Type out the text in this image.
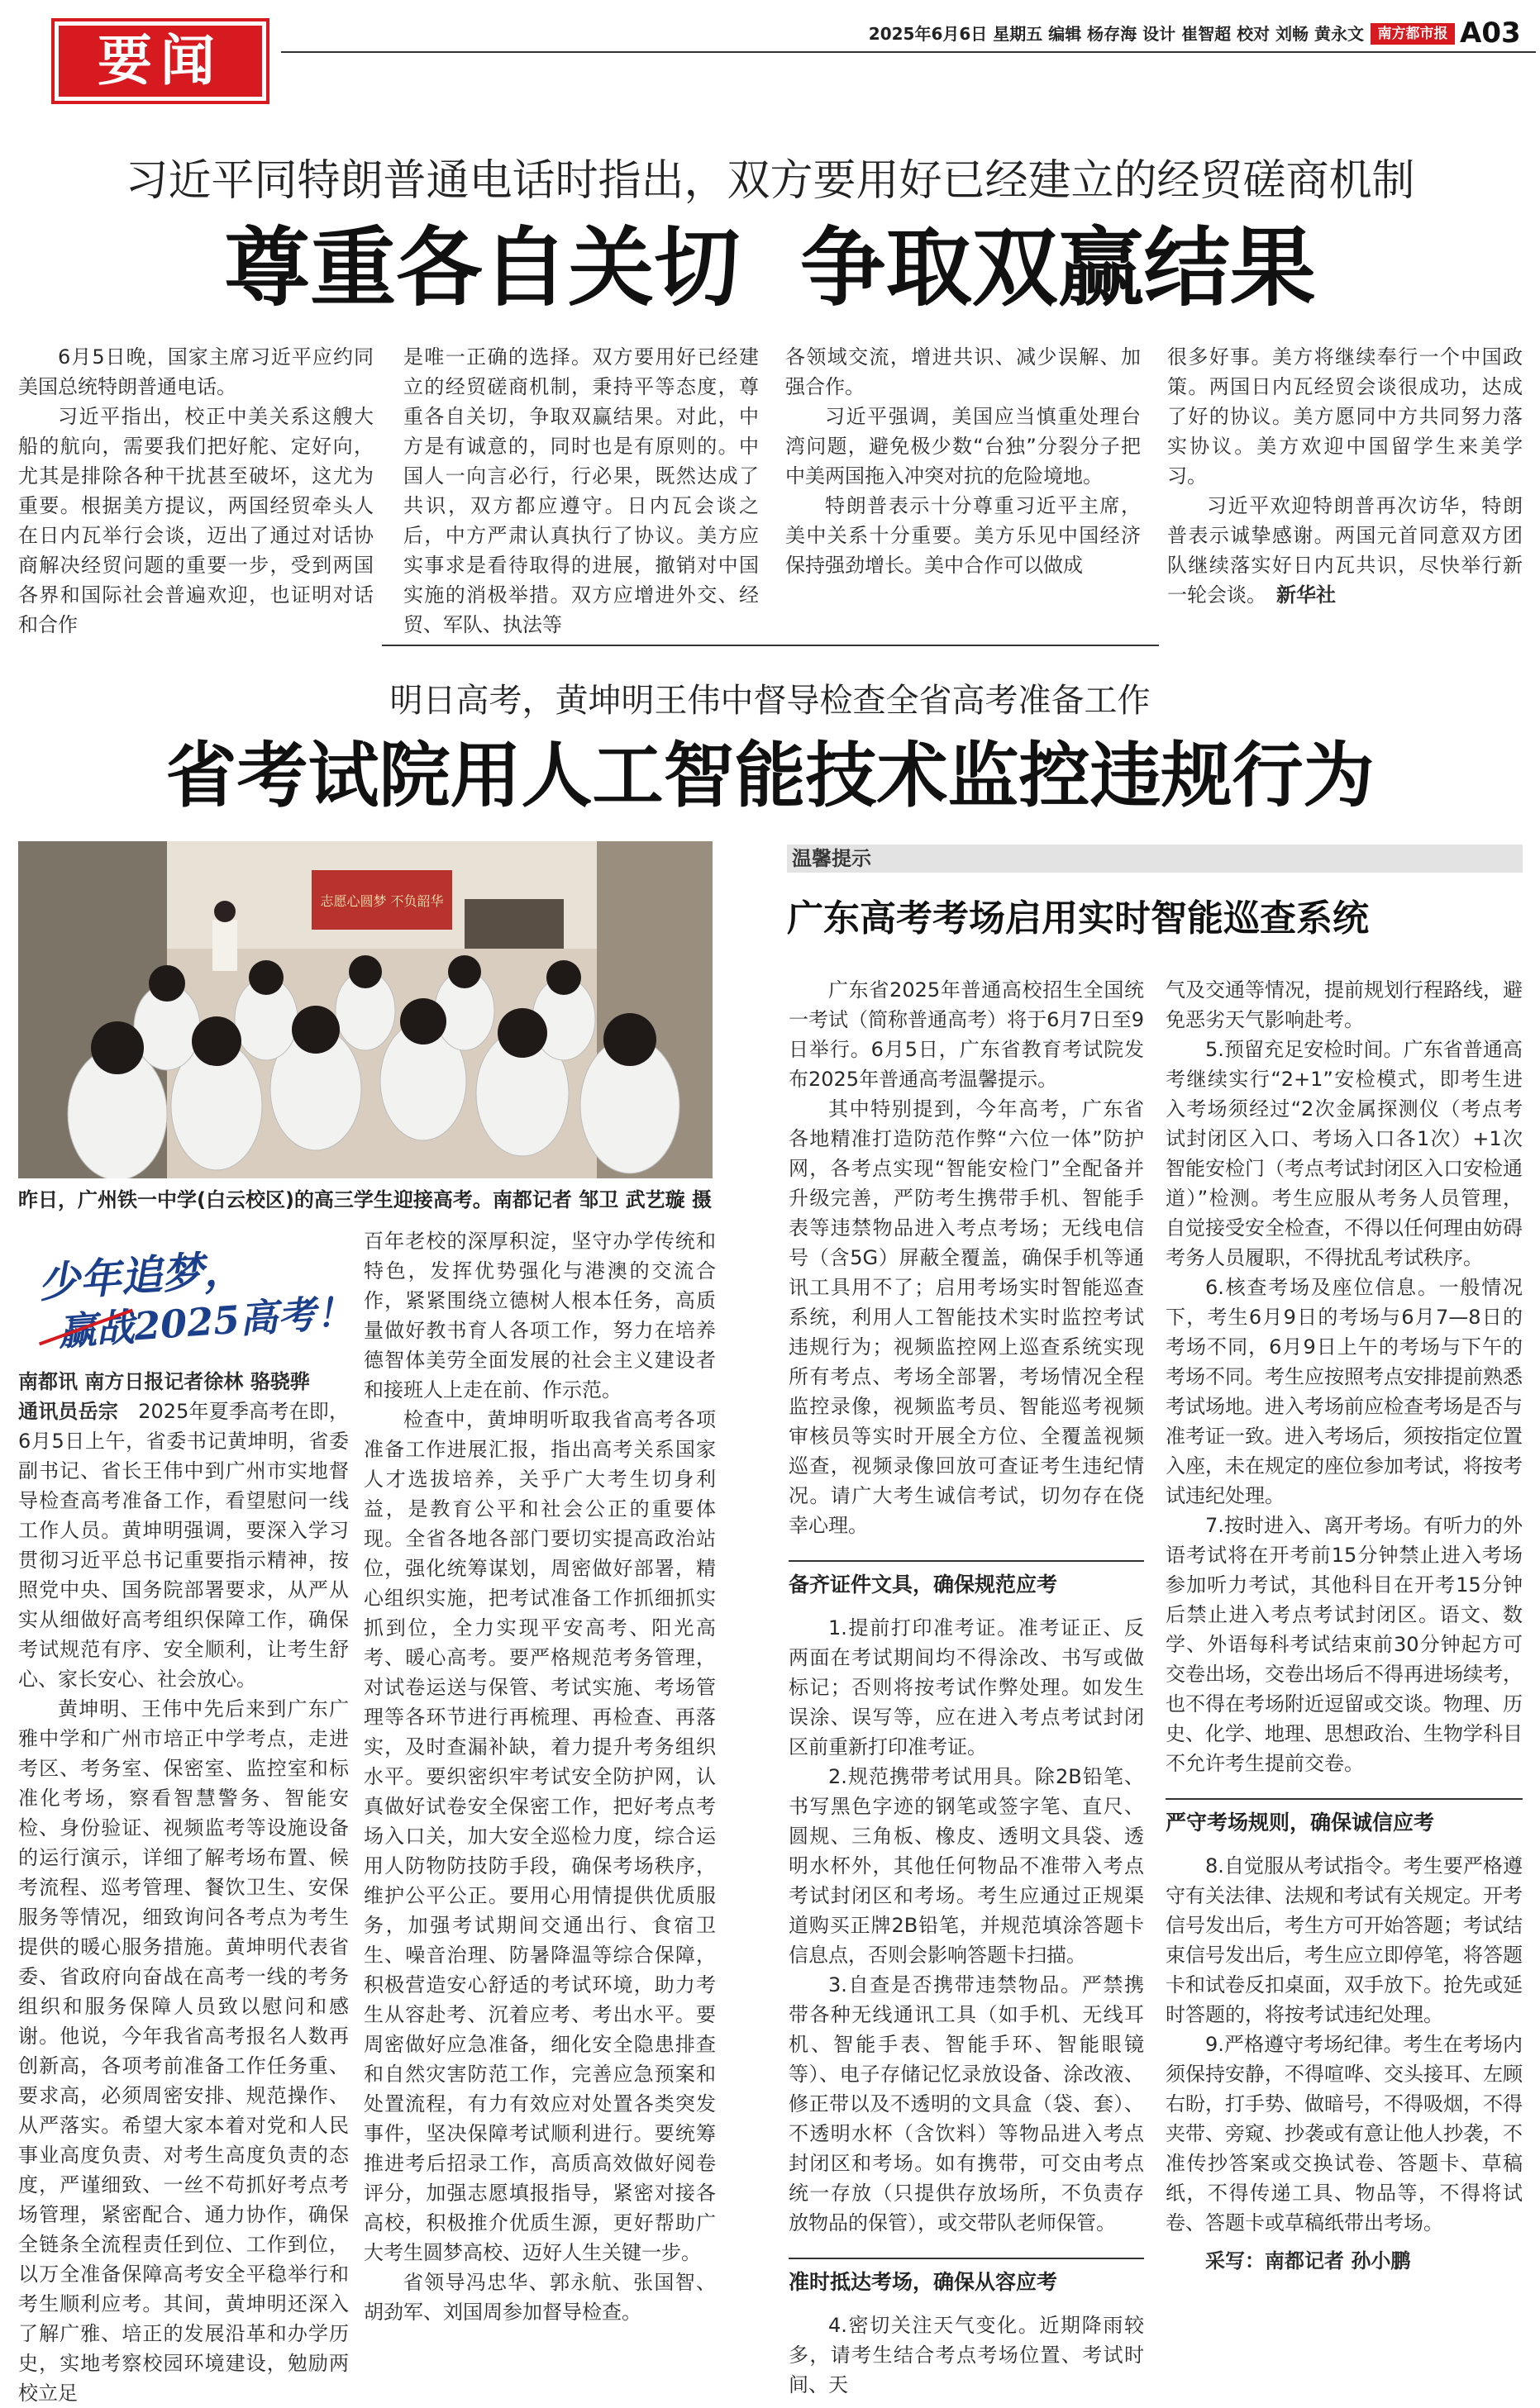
要闻	2025年6月6日 星期五 编辑 杨存海 设计 崔智超 校对 刘畅 黄永文 南方都市报 A03
习近平同特朗普通电话时指出，双方要用好已经建立的经贸磋商机制
尊重各自关切  争取双赢结果

6月5日晚，国家主席习近平应约同美国总统特朗普通电话。

习近平指出，校正中美关系这艘大船的航向，需要我们把好舵、定好向，尤其是排除各种干扰甚至破坏，这尤为重要。根据美方提议，两国经贸牵头人在日内瓦举行会谈，迈出了通过对话协商解决经贸问题的重要一步，受到两国各界和国际社会普遍欢迎，也证明对话和合作

是唯一正确的选择。双方要用好已经建立的经贸磋商机制，秉持平等态度，尊重各自关切，争取双赢结果。对此，中方是有诚意的，同时也是有原则的。中国人一向言必行，行必果，既然达成了共识，双方都应遵守。日内瓦会谈之后，中方严肃认真执行了协议。美方应实事求是看待取得的进展，撤销对中国实施的消极举措。双方应增进外交、经贸、军队、执法等

各领域交流，增进共识、减少误解、加强合作。

习近平强调，美国应当慎重处理台湾问题，避免极少数“台独”分裂分子把中美两国拖入冲突对抗的危险境地。

特朗普表示十分尊重习近平主席，美中关系十分重要。美方乐见中国经济保持强劲增长。美中合作可以做成

很多好事。美方将继续奉行一个中国政策。两国日内瓦经贸会谈很成功，达成了好的协议。美方愿同中方共同努力落实协议。美方欢迎中国留学生来美学习。

习近平欢迎特朗普再次访华，特朗普表示诚挚感谢。两国元首同意双方团队继续落实好日内瓦共识，尽快举行新一轮会谈。　 新华社

明日高考，黄坤明王伟中督导检查全省高考准备工作
省考试院用人工智能技术监控违规行为
志愿心圆梦 不负韶华
昨日，广州铁一中学(白云校区)的高三学生迎接高考。南都记者 邹卫 武艺璇 摄
少年追梦，
赢战2025高考！
南都讯 南方日报记者徐林 骆骁骅

通讯员岳宗　 2025年夏季高考在即，6月5日上午，省委书记黄坤明，省委副书记、省长王伟中到广州市实地督导检查高考准备工作，看望慰问一线工作人员。黄坤明强调，要深入学习贯彻习近平总书记重要指示精神，按照党中央、国务院部署要求，从严从实从细做好高考组织保障工作，确保考试规范有序、安全顺利，让考生舒心、家长安心、社会放心。

黄坤明、王伟中先后来到广东广雅中学和广州市培正中学考点，走进考区、考务室、保密室、监控室和标准化考场，察看智慧警务、智能安检、身份验证、视频监考等设施设备的运行演示，详细了解考场布置、候考流程、巡考管理、餐饮卫生、安保服务等情况，细致询问各考点为考生提供的暖心服务措施。黄坤明代表省委、省政府向奋战在高考一线的考务组织和服务保障人员致以慰问和感谢。他说，今年我省高考报名人数再创新高，各项考前准备工作任务重、要求高，必须周密安排、规范操作、从严落实。希望大家本着对党和人民事业高度负责、对考生高度负责的态度，严谨细致、一丝不苟抓好考点考场管理，紧密配合、通力协作，确保全链条全流程责任到位、工作到位，以万全准备保障高考安全平稳举行和考生顺利应考。其间，黄坤明还深入了解广雅、培正的发展沿革和办学历史，实地考察校园环境建设，勉励两校立足

百年老校的深厚积淀，坚守办学传统和特色，发挥优势强化与港澳的交流合作，紧紧围绕立德树人根本任务，高质量做好教书育人各项工作，努力在培养德智体美劳全面发展的社会主义建设者和接班人上走在前、作示范。

检查中，黄坤明听取我省高考各项准备工作进展汇报，指出高考关系国家人才选拔培养，关乎广大考生切身利益，是教育公平和社会公正的重要体现。全省各地各部门要切实提高政治站位，强化统筹谋划，周密做好部署，精心组织实施，把考试准备工作抓细抓实抓到位，全力实现平安高考、阳光高考、暖心高考。要严格规范考务管理，对试卷运送与保管、考试实施、考场管理等各环节进行再梳理、再检查、再落实，及时查漏补缺，着力提升考务组织水平。要织密织牢考试安全防护网，认真做好试卷安全保密工作，把好考点考场入口关，加大安全巡检力度，综合运用人防物防技防手段，确保考场秩序，维护公平公正。要用心用情提供优质服务，加强考试期间交通出行、食宿卫生、噪音治理、防暑降温等综合保障，积极营造安心舒适的考试环境，助力考生从容赴考、沉着应考、考出水平。要周密做好应急准备，细化安全隐患排查和自然灾害防范工作，完善应急预案和处置流程，有力有效应对处置各类突发事件，坚决保障考试顺利进行。要统筹推进考后招录工作，高质高效做好阅卷评分，加强志愿填报指导，紧密对接各高校，积极推介优质生源，更好帮助广大考生圆梦高校、迈好人生关键一步。

省领导冯忠华、郭永航、张国智、胡劲军、刘国周参加督导检查。

温馨提示
广东高考考场启用实时智能巡查系统

广东省2025年普通高校招生全国统一考试（简称普通高考）将于6月7日至9日举行。6月5日，广东省教育考试院发布2025年普通高考温馨提示。

其中特别提到，今年高考，广东省各地精准打造防范作弊“六位一体”防护网，各考点实现“智能安检门”全配备并升级完善，严防考生携带手机、智能手表等违禁物品进入考点考场；无线电信号（含5G）屏蔽全覆盖，确保手机等通讯工具用不了；启用考场实时智能巡查系统，利用人工智能技术实时监控考试违规行为；视频监控网上巡查系统实现所有考点、考场全部署，考场情况全程监控录像，视频监考员、智能巡考视频审核员等实时开展全方位、全覆盖视频巡查，视频录像回放可查证考生违纪情况。请广大考生诚信考试，切勿存在侥幸心理。

备齐证件文具，确保规范应考

1.提前打印准考证。准考证正、反两面在考试期间均不得涂改、书写或做标记；否则将按考试作弊处理。如发生误涂、误写等，应在进入考点考试封闭区前重新打印准考证。

2.规范携带考试用具。除2B铅笔、书写黑色字迹的钢笔或签字笔、直尺、圆规、三角板、橡皮、透明文具袋、透明水杯外，其他任何物品不准带入考点考试封闭区和考场。考生应通过正规渠道购买正牌2B铅笔，并规范填涂答题卡信息点，否则会影响答题卡扫描。

3.自查是否携带违禁物品。严禁携带各种无线通讯工具（如手机、无线耳机、智能手表、智能手环、智能眼镜等）、电子存储记忆录放设备、涂改液、修正带以及不透明的文具盒（袋、套）、不透明水杯（含饮料）等物品进入考点封闭区和考场。如有携带，可交由考点统一存放（只提供存放场所，不负责存放物品的保管），或交带队老师保管。

准时抵达考场，确保从容应考

4.密切关注天气变化。近期降雨较多，请考生结合考点考场位置、考试时间、天

气及交通等情况，提前规划行程路线，避免恶劣天气影响赴考。

5.预留充足安检时间。广东省普通高考继续实行“2+1”安检模式，即考生进入考场须经过“2次金属探测仪（考点考试封闭区入口、考场入口各1次）+1次智能安检门（考点考试封闭区入口安检通道）”检测。考生应服从考务人员管理，自觉接受安全检查，不得以任何理由妨碍考务人员履职，不得扰乱考试秩序。

6.核查考场及座位信息。一般情况下，考生6月9日的考场与6月7—8日的考场不同，6月9日上午的考场与下午的考场不同。考生应按照考点安排提前熟悉考试场地。进入考场前应检查考场是否与准考证一致。进入考场后，须按指定位置入座，未在规定的座位参加考试，将按考试违纪处理。

7.按时进入、离开考场。有听力的外语考试将在开考前15分钟禁止进入考场参加听力考试，其他科目在开考15分钟后禁止进入考点考试封闭区。语文、数学、外语每科考试结束前30分钟起方可交卷出场，交卷出场后不得再进场续考，也不得在考场附近逗留或交谈。物理、历史、化学、地理、思想政治、生物学科目不允许考生提前交卷。

严守考场规则，确保诚信应考

8.自觉服从考试指令。考生要严格遵守有关法律、法规和考试有关规定。开考信号发出后，考生方可开始答题；考试结束信号发出后，考生应立即停笔，将答题卡和试卷反扣桌面，双手放下。抢先或延时答题的，将按考试违纪处理。

9.严格遵守考场纪律。考生在考场内须保持安静，不得喧哗、交头接耳、左顾右盼，打手势、做暗号，不得吸烟，不得夹带、旁窥、抄袭或有意让他人抄袭，不准传抄答案或交换试卷、答题卡、草稿纸，不得传递工具、物品等，不得将试卷、答题卡或草稿纸带出考场。

采写：南都记者 孙小鹏
